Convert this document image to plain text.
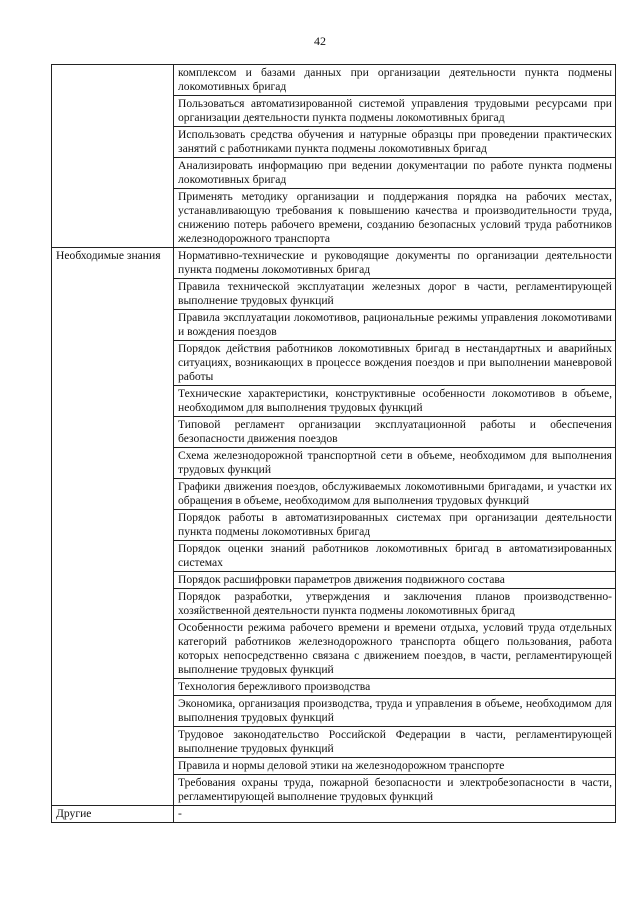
42
	комплексом и базами данных при организации деятельности пункта подмены локомотивных бригад
	Пользоваться автоматизированной системой управления трудовыми ресурсами при организации деятельности пункта подмены локомотивных бригад
	Использовать средства обучения и натурные образцы при проведении практических занятий с работниками пункта подмены локомотивных бригад
	Анализировать информацию при ведении документации по работе пункта подмены локомотивных бригад
	Применять методику организации и поддержания порядка на рабочих местах, устанавливающую требования к повышению качества и производительности труда, снижению потерь рабочего времени, созданию безопасных условий труда работников железнодорожного транспорта

Необходимые знания	Нормативно-технические и руководящие документы по организации деятельности пункта подмены локомотивных бригад
	Правила технической эксплуатации железных дорог в части, регламентирующей выполнение трудовых функций
	Правила эксплуатации локомотивов, рациональные режимы управления локомотивами и вождения поездов
	Порядок действия работников локомотивных бригад в нестандартных и аварийных ситуациях, возникающих в процессе вождения поездов и при выполнении маневровой работы
	Технические характеристики, конструктивные особенности локомотивов в объеме, необходимом для выполнения трудовых функций
	Типовой регламент организации эксплуатационной работы и обеспечения безопасности движения поездов
	Схема железнодорожной транспортной сети в объеме, необходимом для выполнения трудовых функций
	Графики движения поездов, обслуживаемых локомотивными бригадами, и участки их обращения в объеме, необходимом для выполнения трудовых функций
	Порядок работы в автоматизированных системах при организации деятельности пункта подмены локомотивных бригад
	Порядок оценки знаний работников локомотивных бригад в автоматизированных системах
	Порядок расшифровки параметров движения подвижного состава
	Порядок разработки, утверждения и заключения планов производственно-хозяйственной деятельности пункта подмены локомотивных бригад
	Особенности режима рабочего времени и времени отдыха, условий труда отдельных категорий работников железнодорожного транспорта общего пользования, работа которых непосредственно связана с движением поездов, в части, регламентирующей выполнение трудовых функций
	Технология бережливого производства
	Экономика, организация производства, труда и управления в объеме, необходимом для выполнения трудовых функций
	Трудовое законодательство Российской Федерации в части, регламентирующей выполнение трудовых функций
	Правила и нормы деловой этики на железнодорожном транспорте
	Требования охраны труда, пожарной безопасности и электробезопасности в части, регламентирующей выполнение трудовых функций

Другие	-
